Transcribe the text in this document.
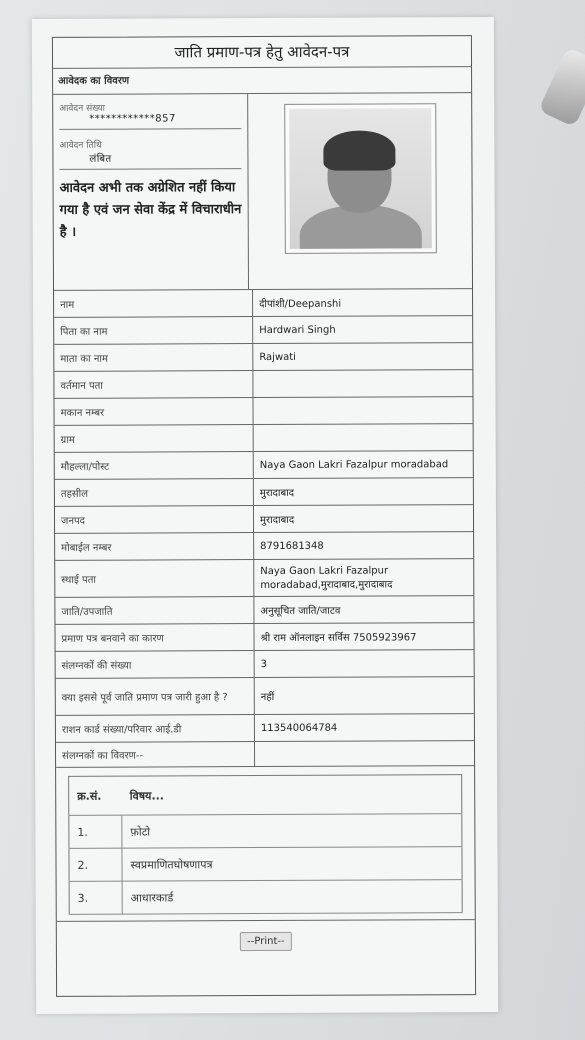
जाति प्रमाण-पत्र हेतु आवेदन-पत्र
आवेदक का विवरण
आवेदन संख्या
************857
आवेदन तिथि
लंबित
आवेदन अभी तक अग्रेशित नहीं किया गया है एवं जन सेवा केंद्र में विचाराधीन है ।
नाम	दीपांशी/Deepanshi
पिता का नाम	Hardwari Singh
माता का नाम	Rajwati
वर्तमान पता	
मकान नम्बर	
ग्राम	
मौहल्ला/पोस्ट	Naya Gaon Lakri Fazalpur moradabad
तहसील	मुरादाबाद
जनपद	मुरादाबाद
मोबाईल नम्बर	8791681348
स्थाई पता	Naya Gaon Lakri Fazalpur moradabad,मुरादाबाद,मुरादाबाद
जाति/उपजाति	अनुसूचित जाति/जाटव
प्रमाण पत्र बनवाने का कारण	श्री राम ऑनलाइन सर्विस 7505923967
संलग्नकों की संख्या	3
क्या इससे पूर्व जाति प्रमाण पत्र जारी हुआ है ?	नहीं
राशन कार्ड संख्या/परिवार आई.डी	113540064784
संलग्नकों का विवरण--	
क्र.सं.	विषय...
1.	फ़ोटो
2.	स्वप्रमाणितघोषणापत्र
3.	आधारकार्ड
--Print--
